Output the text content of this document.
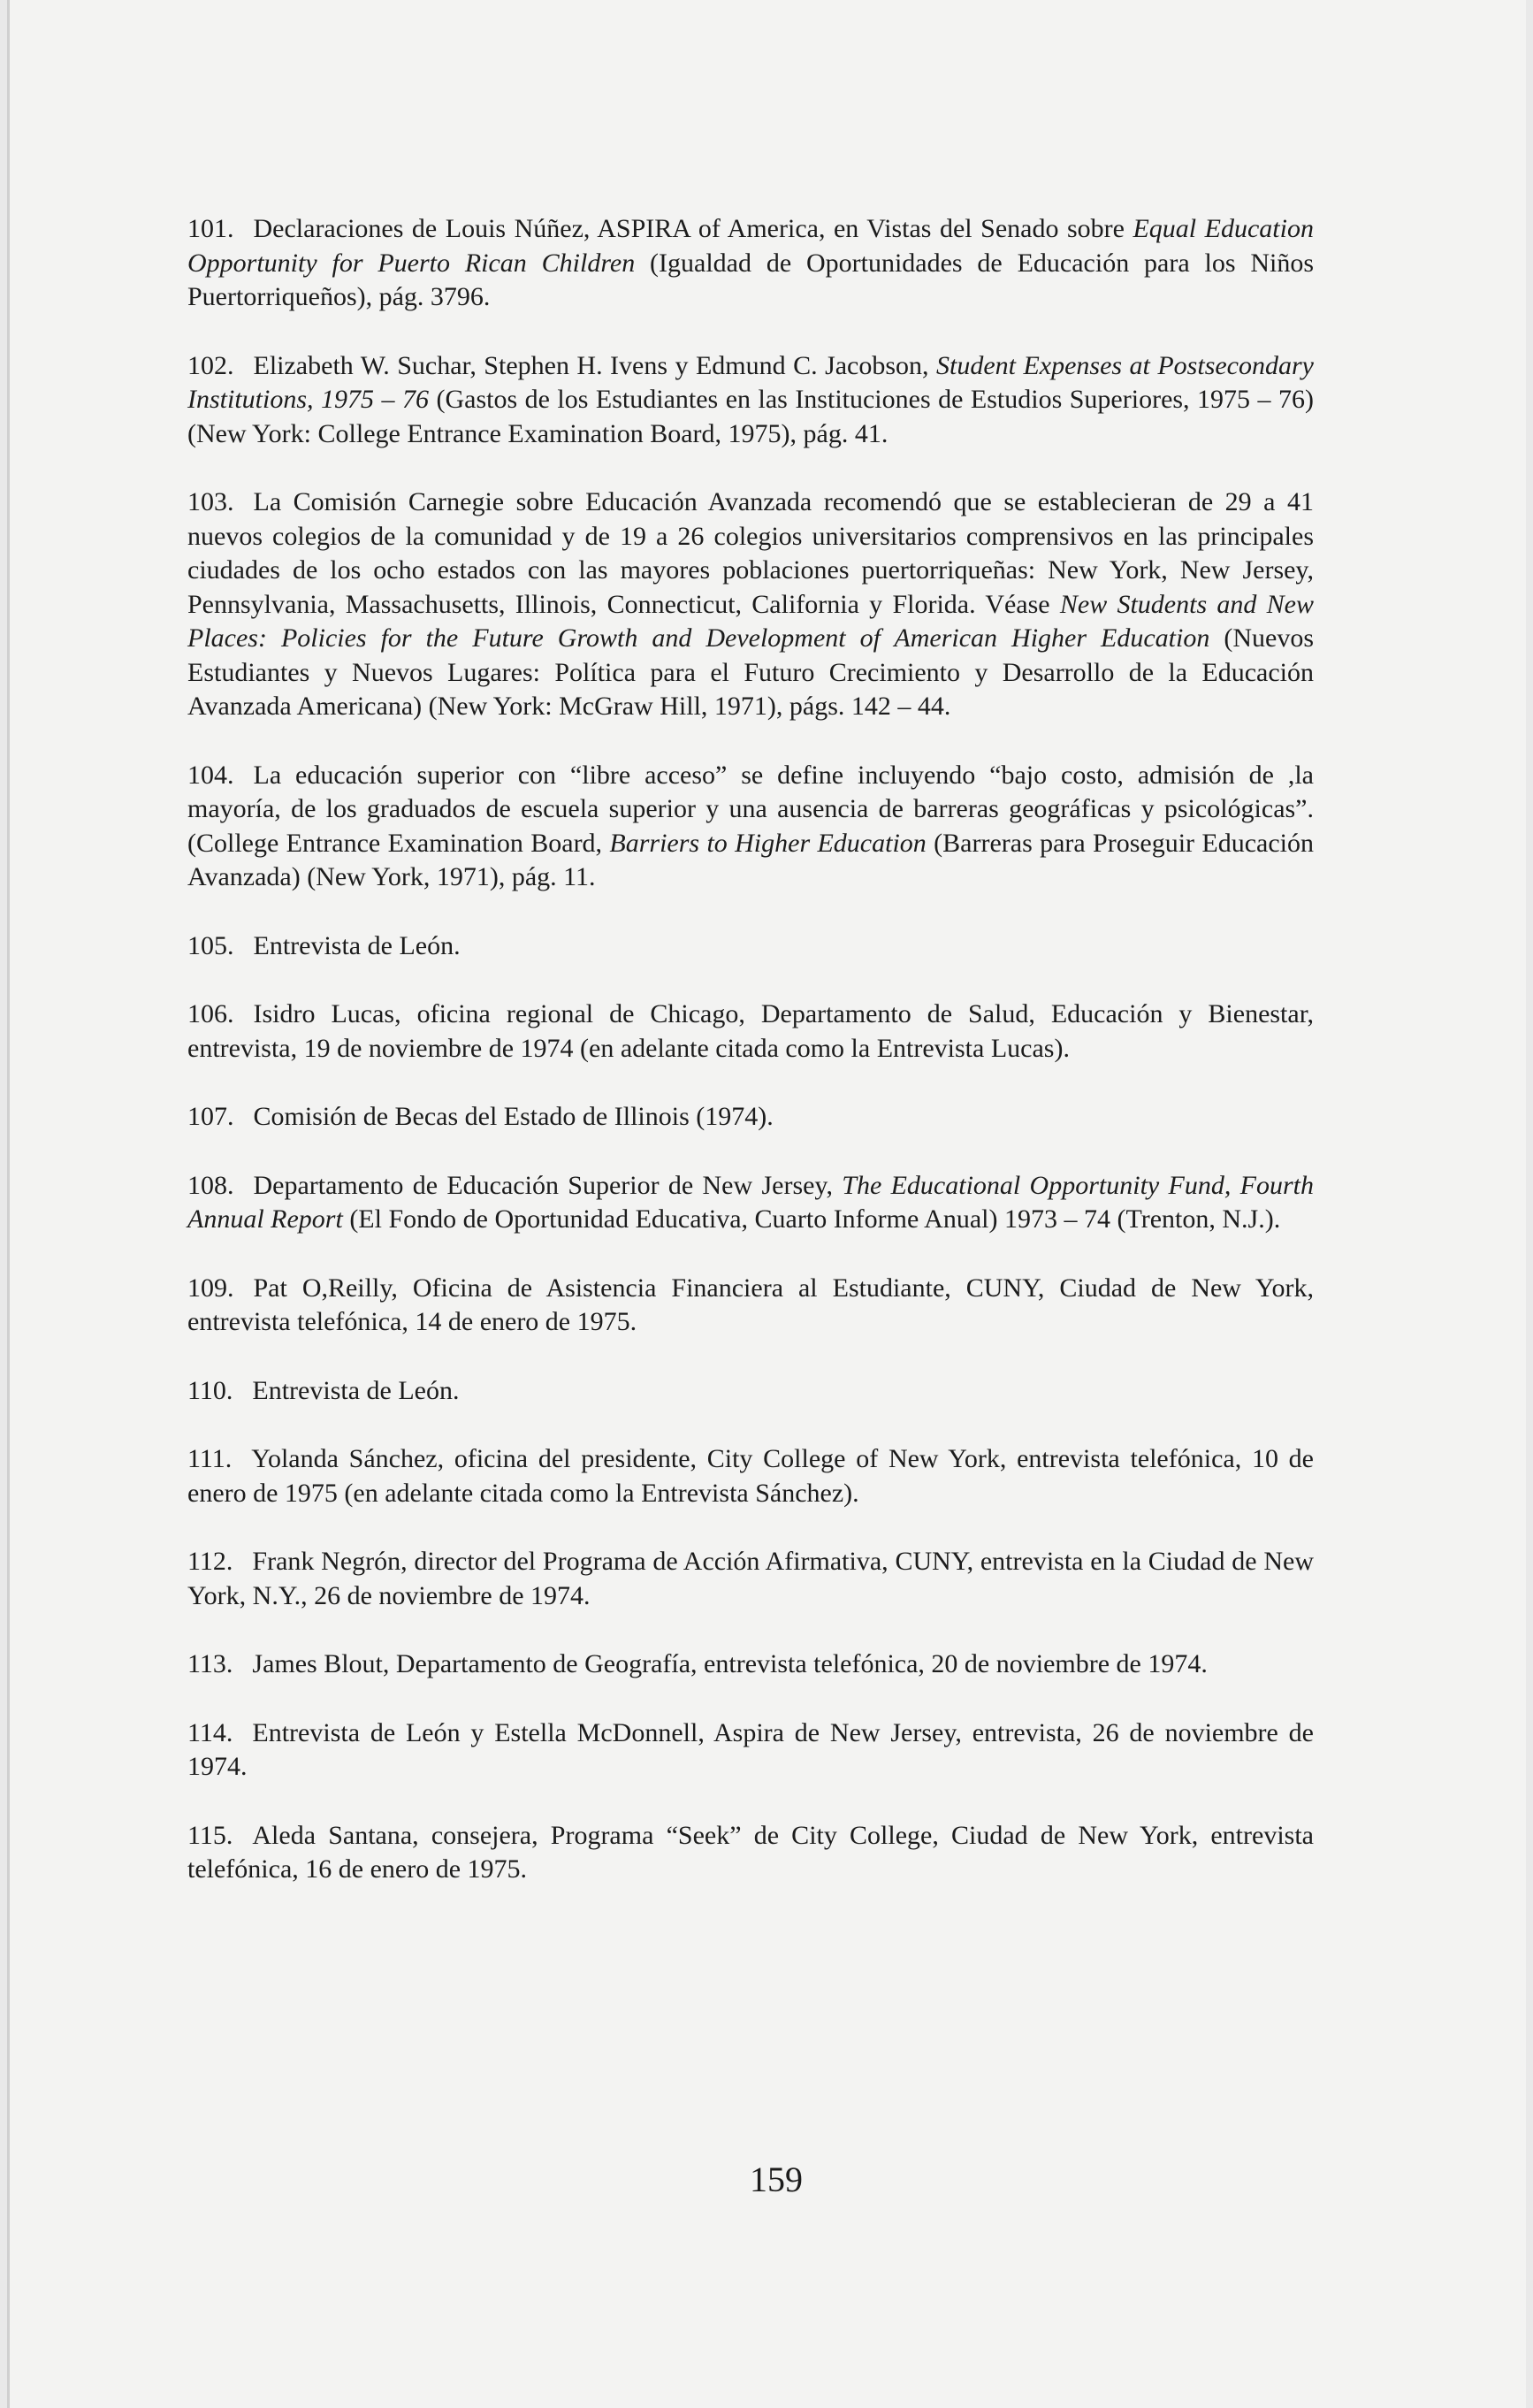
101. Declaraciones de Louis Núñez, ASPIRA of America, en Vistas del Senado sobre Equal Education Opportunity for Puerto Rican Children (Igualdad de Oportunidades de Educación para los Niños Puertorriqueños), pág. 3796.

102. Elizabeth W. Suchar, Stephen H. Ivens y Edmund C. Jacobson, Student Expenses at Postsecondary Institutions, 1975 – 76 (Gastos de los Estudiantes en las Instituciones de Estudios Superiores, 1975 – 76) (New York: College Entrance Examination Board, 1975), pág. 41.

103. La Comisión Carnegie sobre Educación Avanzada recomendó que se establecieran de 29 a 41 nuevos colegios de la comunidad y de 19 a 26 colegios universitarios comprensivos en las principales ciudades de los ocho estados con las mayores poblaciones puertorriqueñas: New York, New Jersey, Pennsylvania, Massachusetts, Illinois, Connecticut, California y Florida. Véase New Students and New Places: Policies for the Future Growth and Development of American Higher Education (Nuevos Estudiantes y Nuevos Lugares: Política para el Futuro Crecimiento y Desarrollo de la Educación Avanzada Americana) (New York: McGraw Hill, 1971), págs. 142 – 44.

104. La educación superior con “libre acceso” se define incluyendo “bajo costo, admisión de ,la mayoría, de los graduados de escuela superior y una ausencia de barreras geográficas y psicológicas”. (College Entrance Examination Board, Barriers to Higher Education (Barreras para Proseguir Educación Avanzada) (New York, 1971), pág. 11.

105. Entrevista de León.

106. Isidro Lucas, oficina regional de Chicago, Departamento de Salud, Educación y Bienestar, entrevista, 19 de noviembre de 1974 (en adelante citada como la Entrevista Lucas).

107. Comisión de Becas del Estado de Illinois (1974).

108. Departamento de Educación Superior de New Jersey, The Educational Opportunity Fund, Fourth Annual Report (El Fondo de Oportunidad Educativa, Cuarto Informe Anual) 1973 – 74 (Trenton, N.J.).

109. Pat O,Reilly, Oficina de Asistencia Financiera al Estudiante, CUNY, Ciudad de New York, entrevista telefónica, 14 de enero de 1975.

110. Entrevista de León.

111. Yolanda Sánchez, oficina del presidente, City College of New York, entrevista telefónica, 10 de enero de 1975 (en adelante citada como la Entrevista Sánchez).

112. Frank Negrón, director del Programa de Acción Afirmativa, CUNY, entrevista en la Ciudad de New York, N.Y., 26 de noviembre de 1974.

113. James Blout, Departamento de Geografía, entrevista telefónica, 20 de noviembre de 1974.

114. Entrevista de León y Estella McDonnell, Aspira de New Jersey, entrevista, 26 de noviembre de 1974.

115. Aleda Santana, consejera, Programa “Seek” de City College, Ciudad de New York, entrevista telefónica, 16 de enero de 1975.

159
